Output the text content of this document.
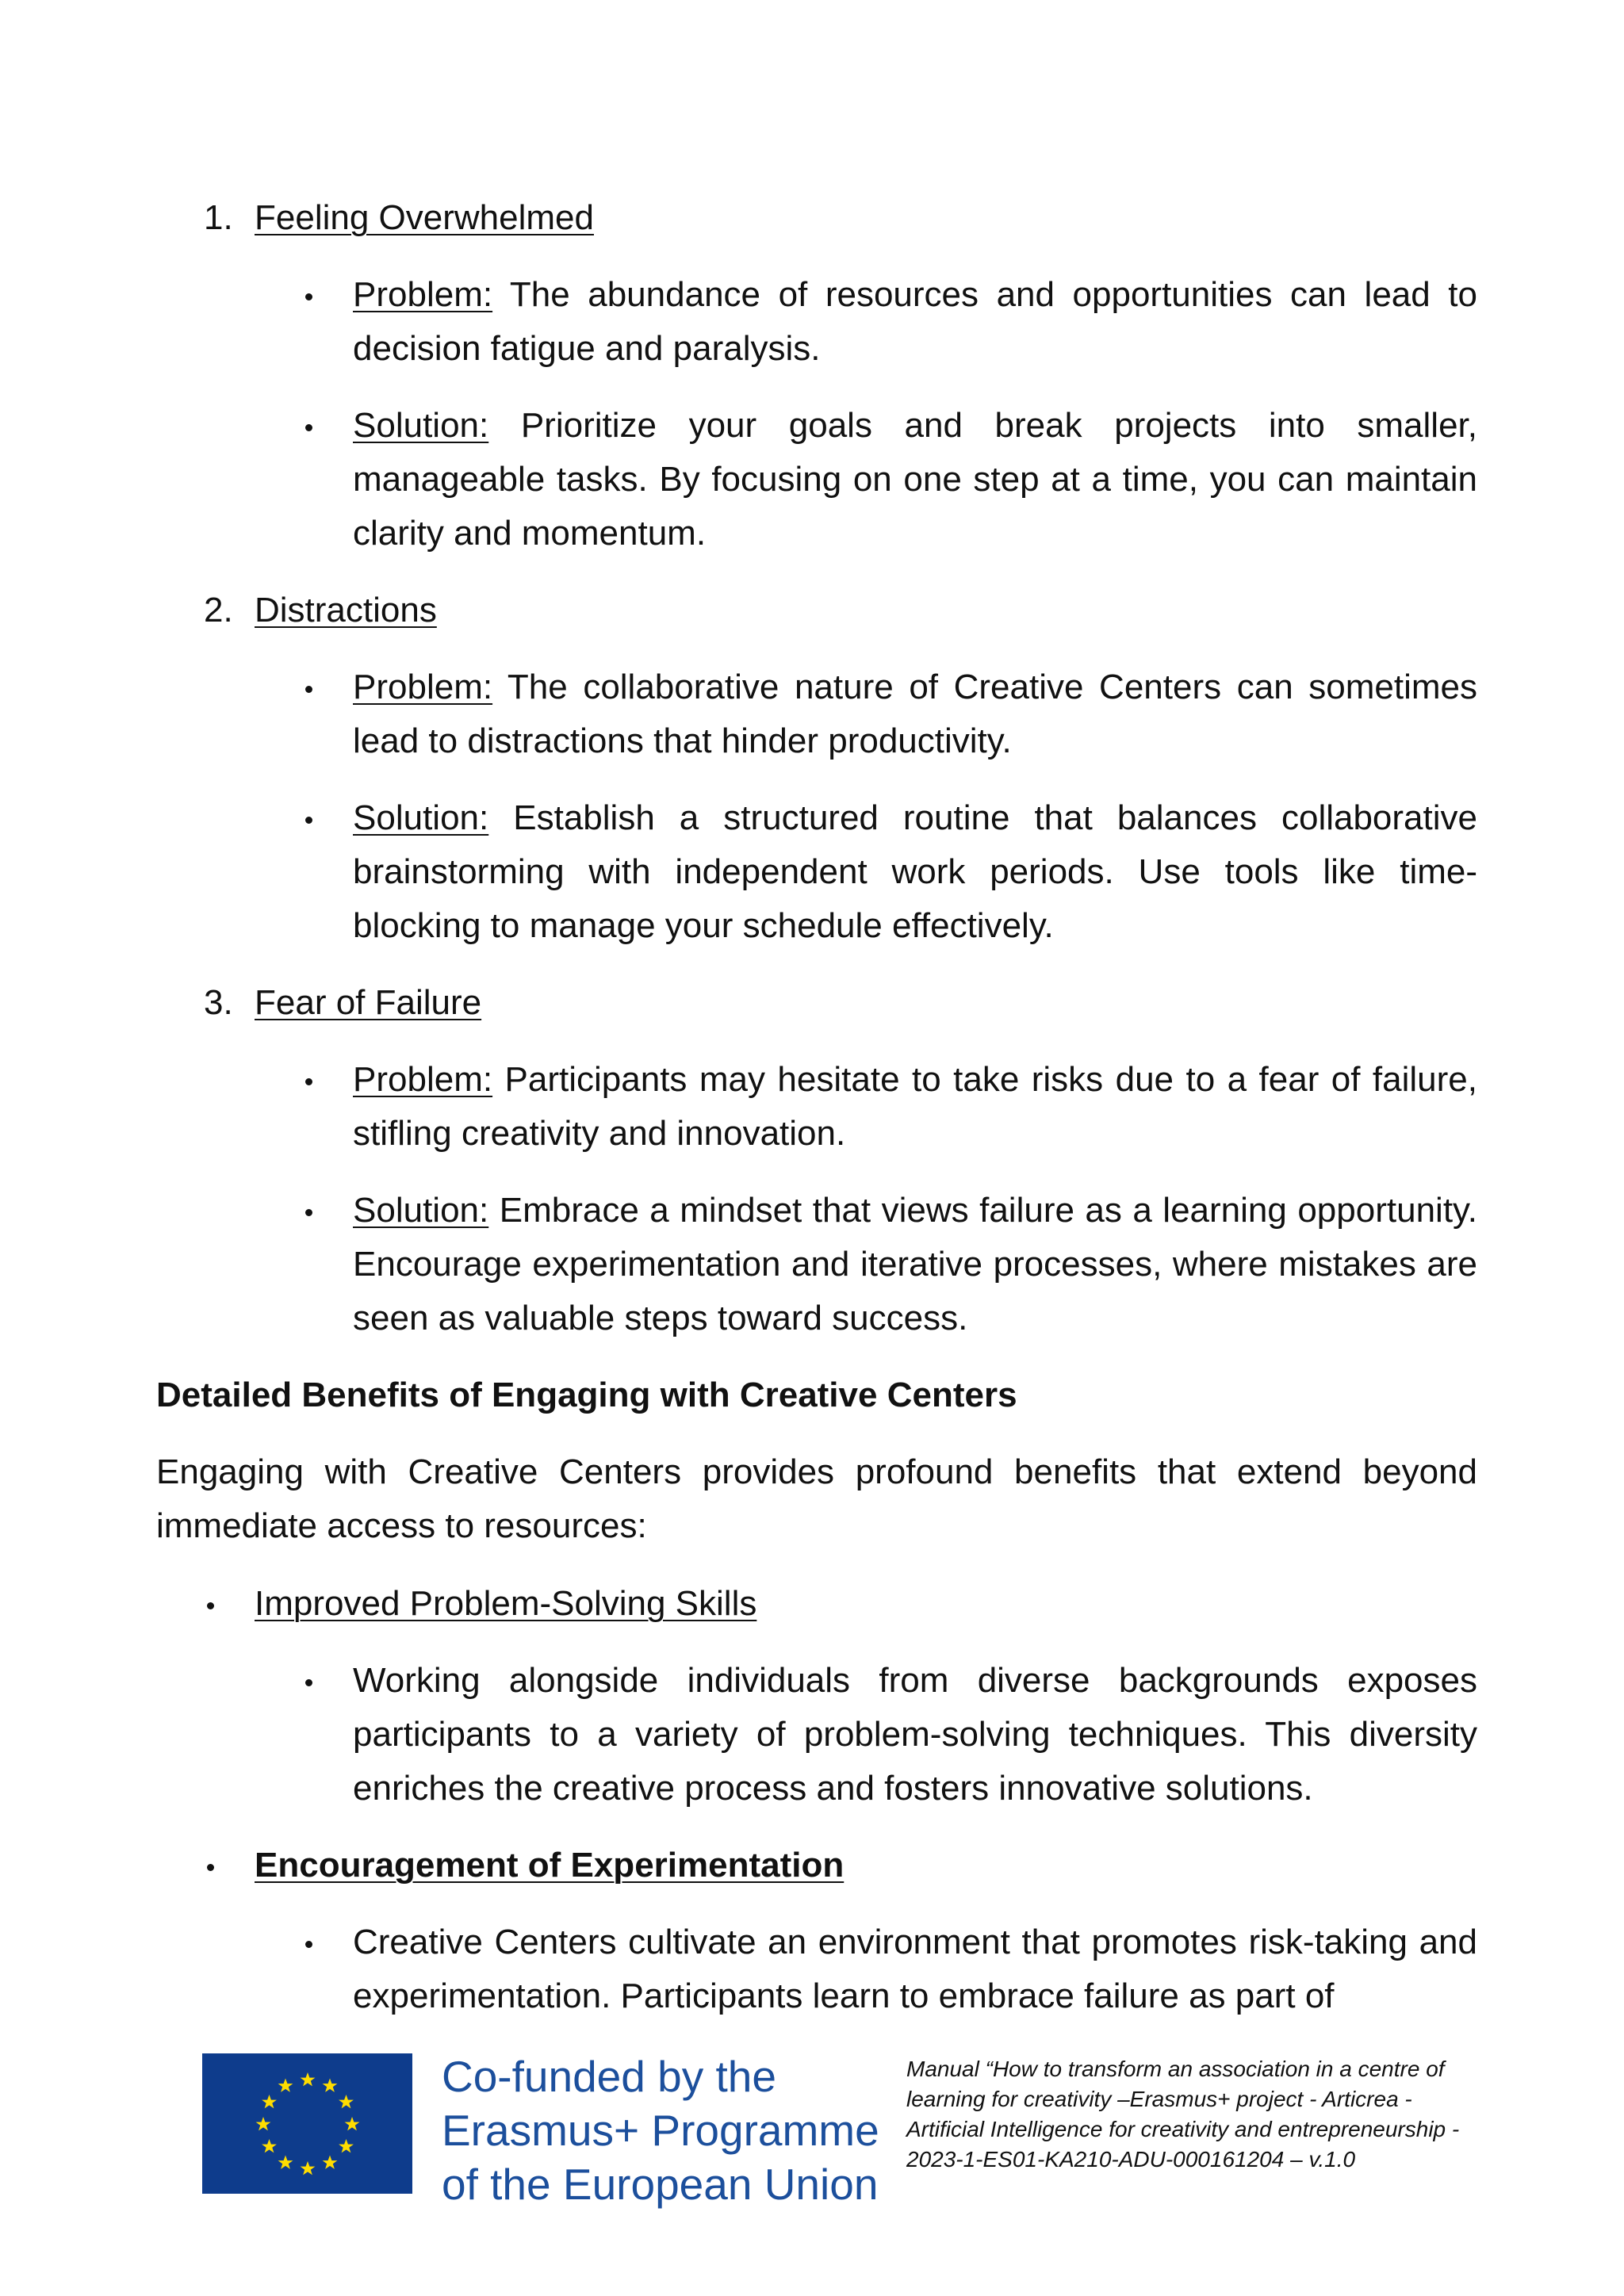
1. Feeling Overwhelmed
Problem: The abundance of resources and opportunities can lead to decision fatigue and paralysis.
Solution: Prioritize your goals and break projects into smaller, manageable tasks. By focusing on one step at a time, you can maintain clarity and momentum.
2. Distractions
Problem: The collaborative nature of Creative Centers can sometimes lead to distractions that hinder productivity.
Solution: Establish a structured routine that balances collaborative brainstorming with independent work periods. Use tools like time-blocking to manage your schedule effectively.
3. Fear of Failure
Problem: Participants may hesitate to take risks due to a fear of failure, stifling creativity and innovation.
Solution: Embrace a mindset that views failure as a learning opportunity. Encourage experimentation and iterative processes, where mistakes are seen as valuable steps toward success.
Detailed Benefits of Engaging with Creative Centers
Engaging with Creative Centers provides profound benefits that extend beyond immediate access to resources:
Improved Problem-Solving Skills
Working alongside individuals from diverse backgrounds exposes participants to a variety of problem-solving techniques. This diversity enriches the creative process and fosters innovative solutions.
Encouragement of Experimentation
Creative Centers cultivate an environment that promotes risk-taking and experimentation. Participants learn to embrace failure as part of
Co-funded by the
Erasmus+ Programme
of the European Union
Manual “How to transform an association in a centre of learning for creativity –Erasmus+ project - Articrea - Artificial Intelligence for creativity and entrepreneurship - 2023-1-ES01-KA210-ADU-000161204 – v.1.0
